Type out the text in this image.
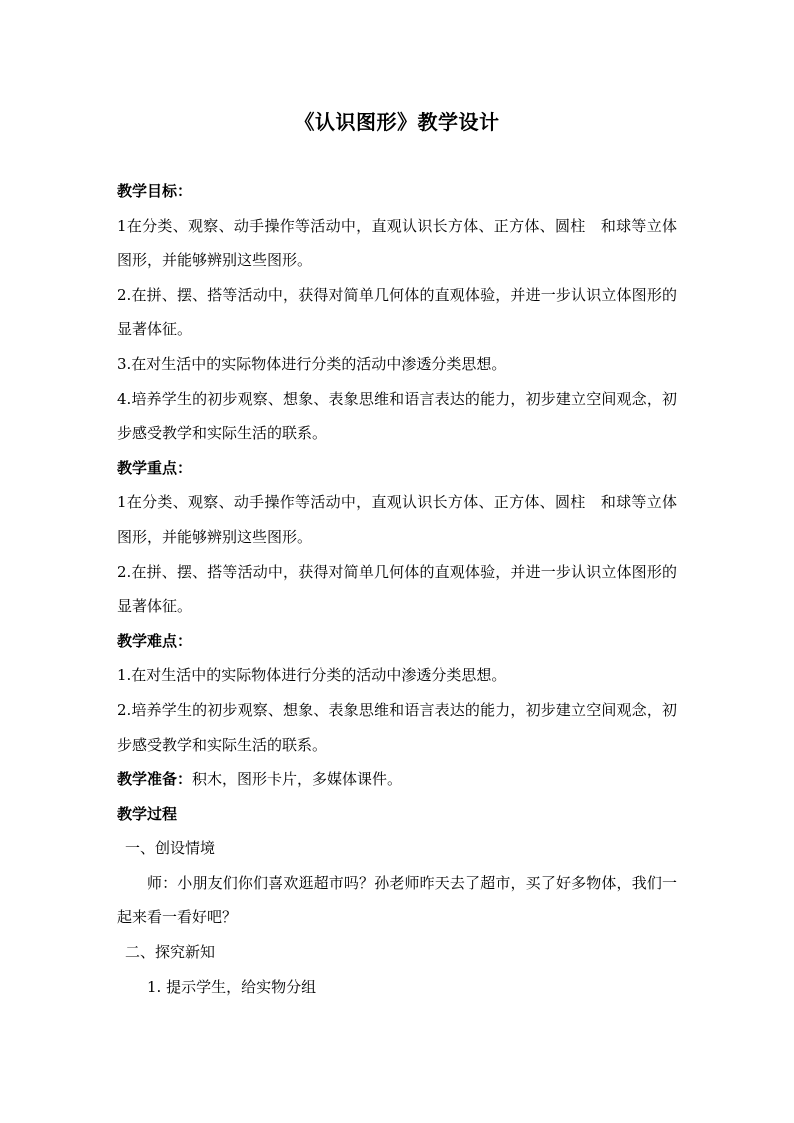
《认识图形》教学设计

教学目标：

1在分类、观察、动手操作等活动中，直观认识长方体、正方体、圆柱　和球等立体图形，并能够辨别这些图形。

2.在拼、摆、搭等活动中，获得对简单几何体的直观体验，并进一步认识立体图形的显著体征。

3.在对生活中的实际物体进行分类的活动中渗透分类思想。

4.培养学生的初步观察、想象、表象思维和语言表达的能力，初步建立空间观念，初步感受教学和实际生活的联系。

教学重点：

1在分类、观察、动手操作等活动中，直观认识长方体、正方体、圆柱　和球等立体图形，并能够辨别这些图形。

2.在拼、摆、搭等活动中，获得对简单几何体的直观体验，并进一步认识立体图形的显著体征。

教学难点：

1.在对生活中的实际物体进行分类的活动中渗透分类思想。

2.培养学生的初步观察、想象、表象思维和语言表达的能力，初步建立空间观念，初步感受教学和实际生活的联系。

教学准备：积木，图形卡片，多媒体课件。

教学过程

一、创设情境

师：小朋友们你们喜欢逛超市吗？孙老师昨天去了超市，买了好多物体，我们一起来看一看好吧？

二、探究新知

1. 提示学生，给实物分组
